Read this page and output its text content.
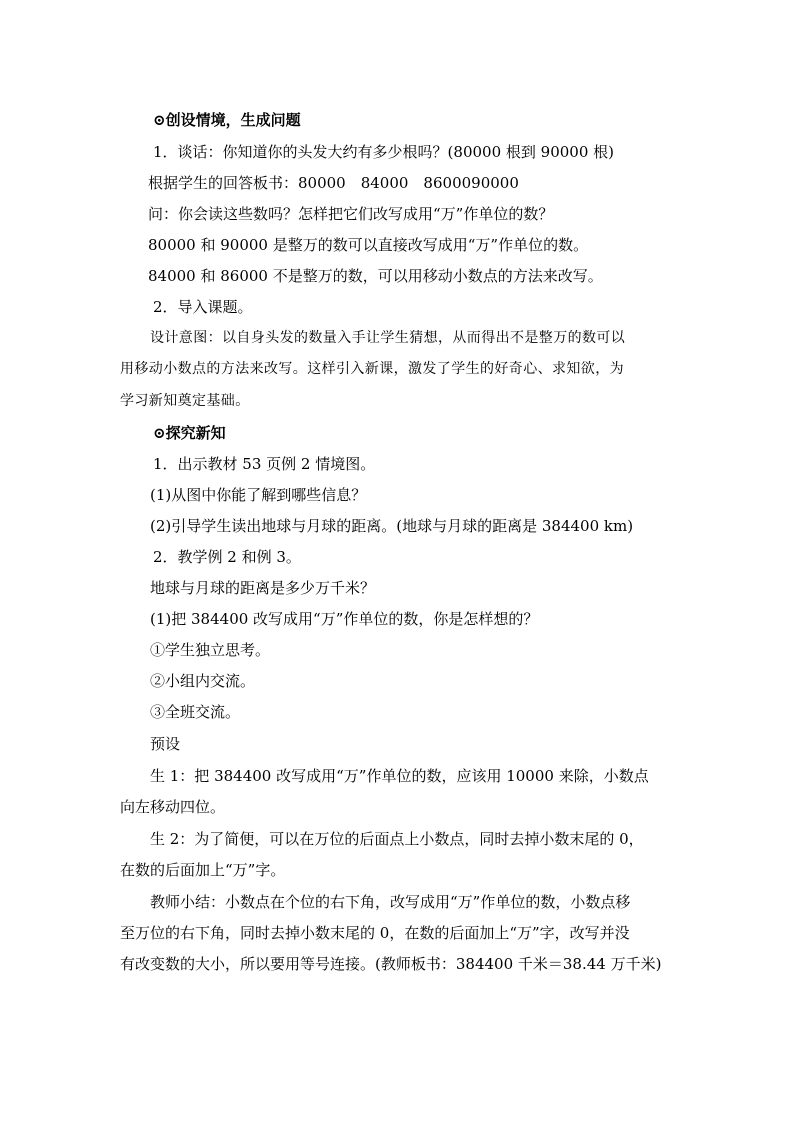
⊙创设情境，生成问题
1．谈话：你知道你的头发大约有多少根吗？(80000 根到 90000 根)
根据学生的回答板书：80000　84000　8600090000
问：你会读这些数吗？怎样把它们改写成用“万”作单位的数？
80000 和 90000 是整万的数可以直接改写成用“万”作单位的数。
84000 和 86000 不是整万的数，可以用移动小数点的方法来改写。
2．导入课题。
设计意图：以自身头发的数量入手让学生猜想，从而得出不是整万的数可以
用移动小数点的方法来改写。这样引入新课，激发了学生的好奇心、求知欲，为
学习新知奠定基础。
⊙探究新知
1．出示教材 53 页例 2 情境图。
(1)从图中你能了解到哪些信息？
(2)引导学生读出地球与月球的距离。(地球与月球的距离是 384400 km)
2．教学例 2 和例 3。
地球与月球的距离是多少万千米？
(1)把 384400 改写成用“万”作单位的数，你是怎样想的？
①学生独立思考。
②小组内交流。
③全班交流。
预设
生 1：把 384400 改写成用“万”作单位的数，应该用 10000 来除，小数点
向左移动四位。
生 2：为了简便，可以在万位的后面点上小数点，同时去掉小数末尾的 0，
在数的后面加上“万”字。
教师小结：小数点在个位的右下角，改写成用“万”作单位的数，小数点移
至万位的右下角，同时去掉小数末尾的 0，在数的后面加上“万”字，改写并没
有改变数的大小，所以要用等号连接。(教师板书：384400 千米＝38.44 万千米)
